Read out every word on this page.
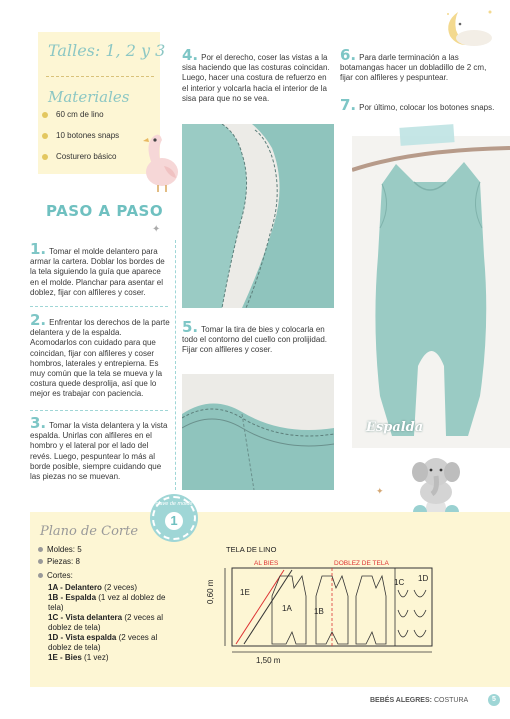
Talles: 1, 2 y 3
Materiales
60 cm de lino
10 botones snaps
Costurero básico
PASO A PASO
✦

1. Tomar el molde delantero para armar la cartera. Doblar los bordes de la tela siguiendo la guía que aparece en el molde. Planchar para asentar el doblez, fijar con alfileres y coser.

2. Enfrentar los derechos de la parte delantera y de la espalda. Acomodarlos con cuidado para que coincidan, fijar con alfileres y coser hombros, laterales y entrepierna. Es muy común que la tela se mueva y la costura quede desprolija, así que lo mejor es trabajar con paciencia.

3. Tomar la vista delantera y la vista espalda. Unirlas con alfileres en el hombro y el lateral por el lado del revés. Luego, pespuntear lo más al borde posible, siempre cuidando que las piezas no se muevan.

4. Por el derecho, coser las vistas a la sisa haciendo que las costuras coincidan. Luego, hacer una costura de refuerzo en el interior y volcarla hacia el interior de la sisa para que no se vea.

5. Tomar la tira de bies y colocarla en todo el contorno del cuello con prolijidad. Fijar con alfileres y coser.

6. Para darle terminación a las botamangas hacer un dobladillo de 2 cm, fijar con alfileres y pespuntear.

7. Por último, colocar los botones snaps.

Espalda
✦
clave de molde
1
Plano de Corte
Moldes: 5
Piezas: 8
Cortes:
1A - Delantero (2 veces)
1B - Espalda (1 vez al doblez de tela)
1C - Vista delantera (2 veces al doblez de tela)
1D - Vista espalda (2 veces al doblez de tela)
1E - Bies (1 vez)
TELA DE LINO
AL BIES	DOBLEZ DE TELA
0,60 m
1,50 m
1E
1A	1B
1C 1D
BEBÉS ALEGRES: COSTURA	5
